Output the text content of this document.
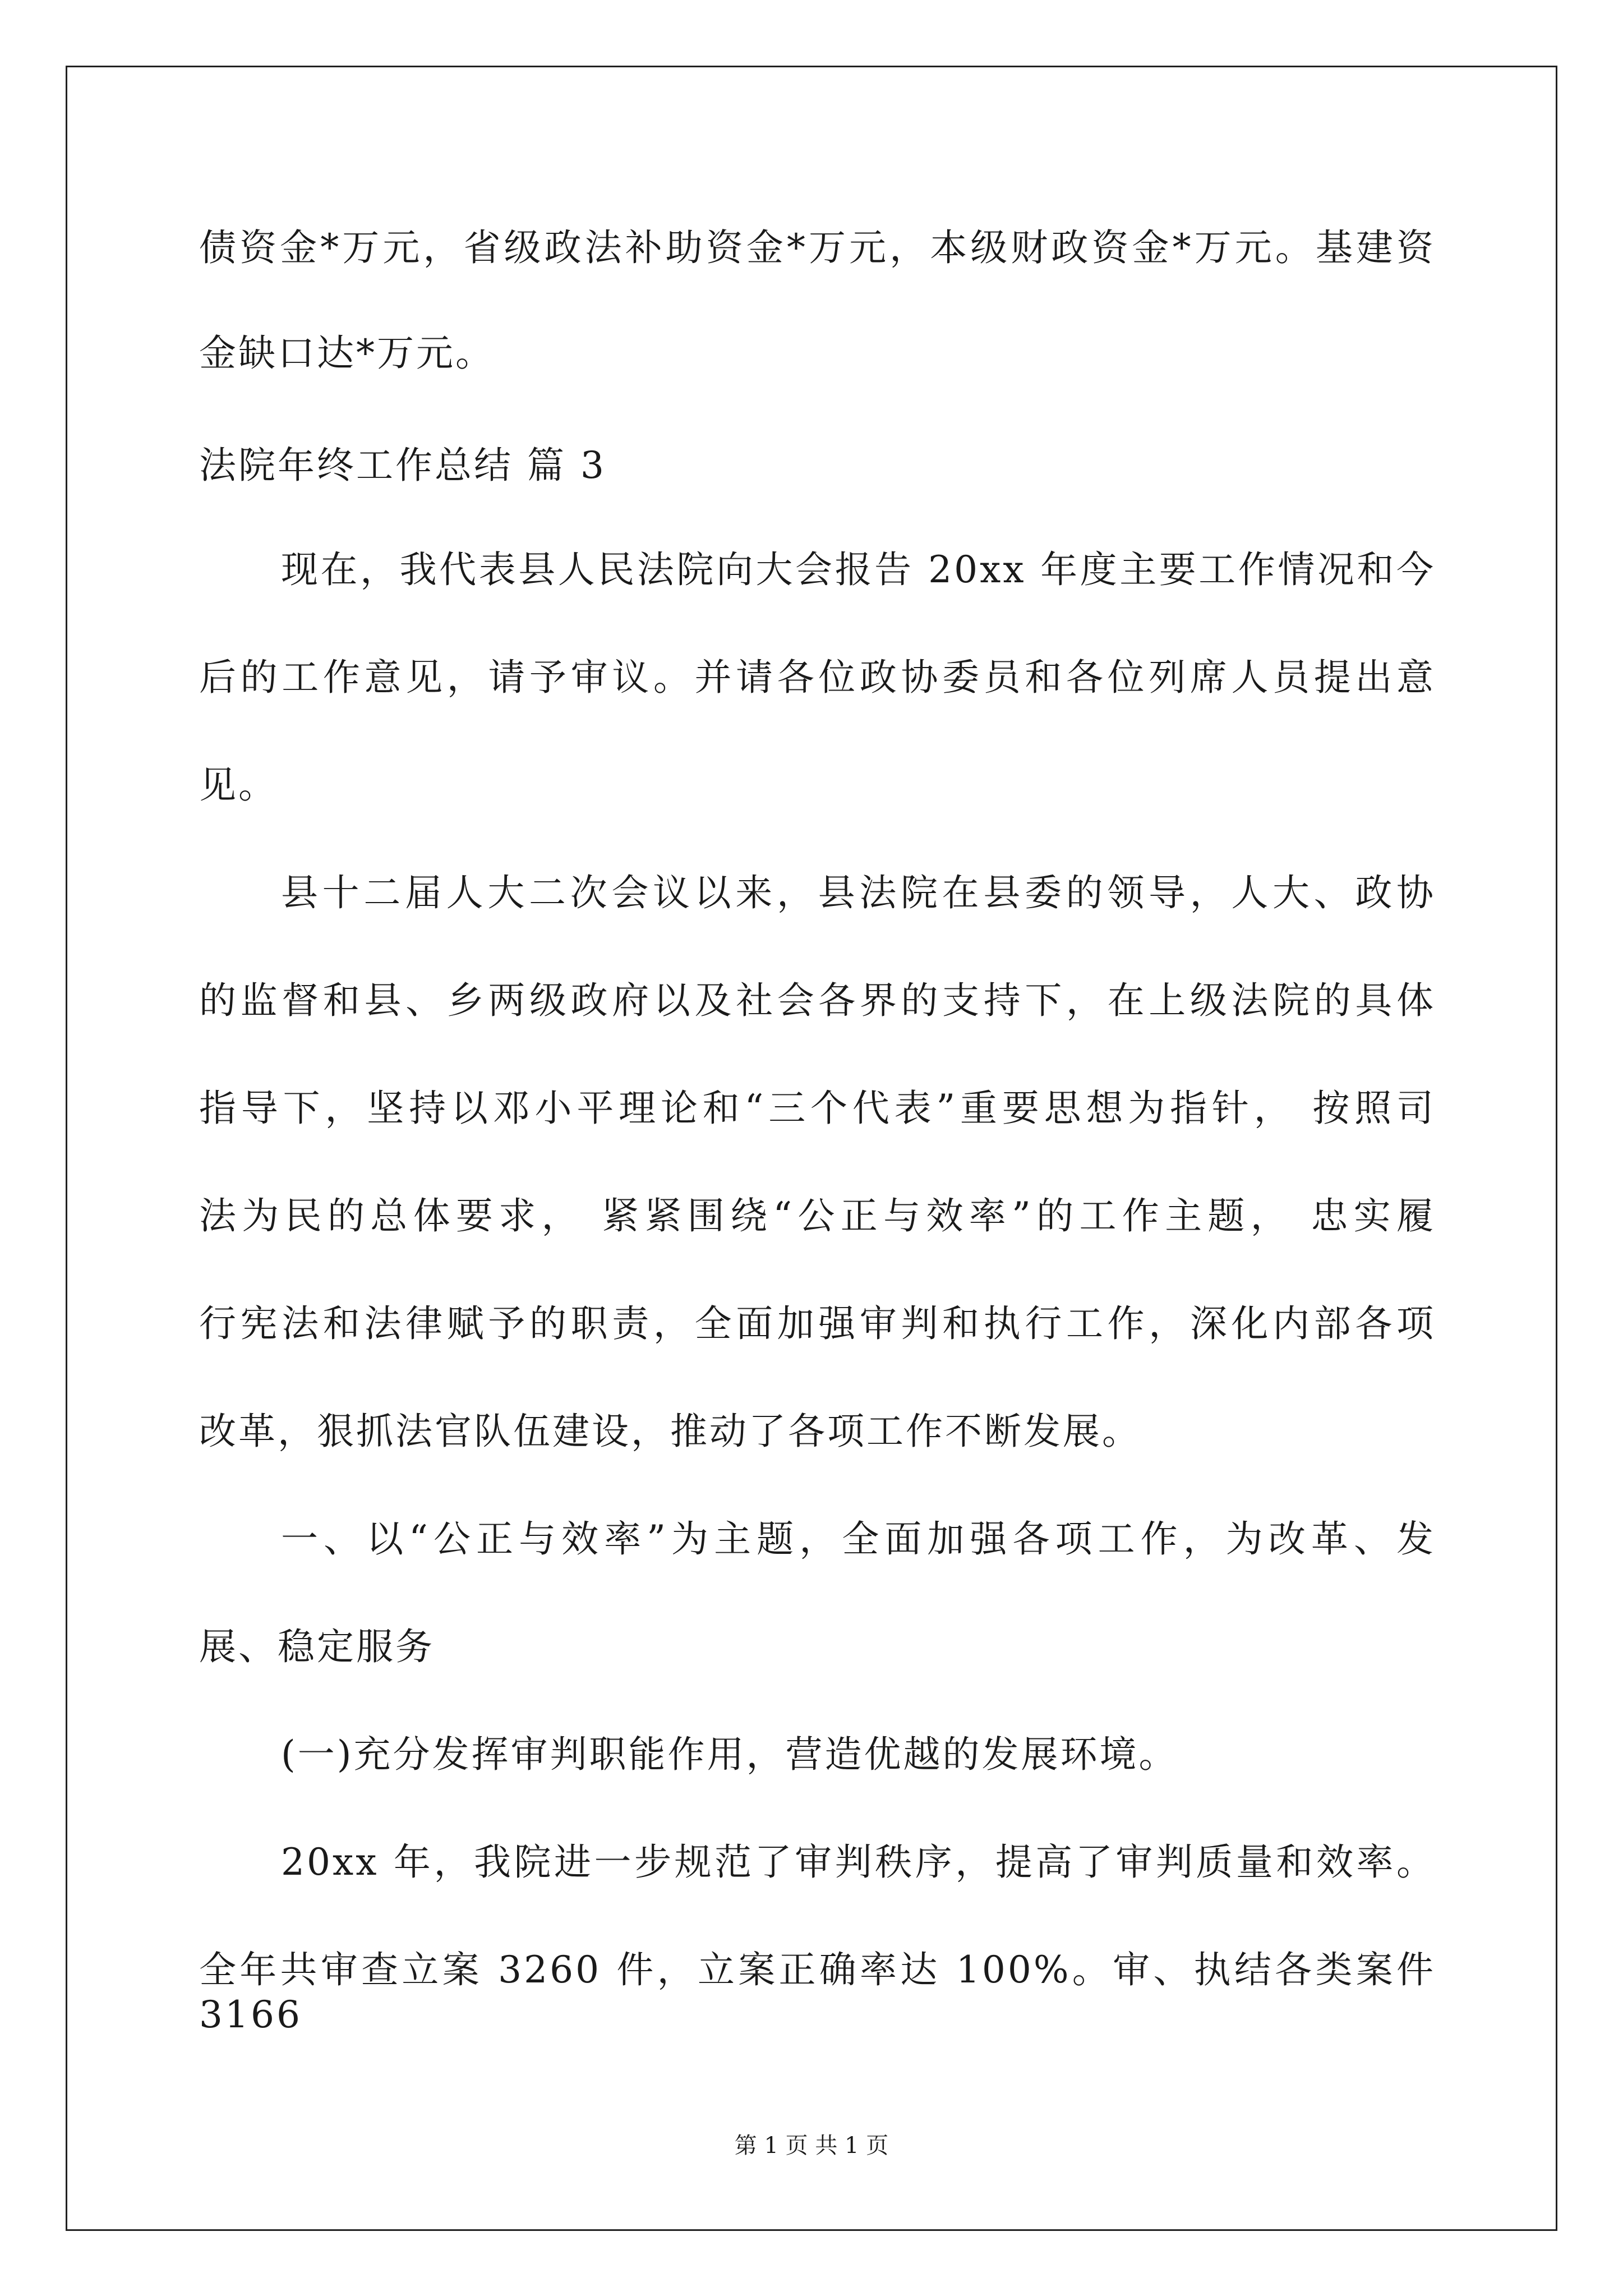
债资金*万元，省级政法补助资金*万元，本级财政资金*万元。基建资
金缺口达*万元。
法院年终工作总结 篇 3
现在，我代表县人民法院向大会报告 20xx 年度主要工作情况和今
后的工作意见，请予审议。并请各位政协委员和各位列席人员提出意
见。
县十二届人大二次会议以来，县法院在县委的领导，人大、政协
的监督和县、乡两级政府以及社会各界的支持下，在上级法院的具体
指导下，坚持以邓小平理论和“三个代表”重要思想为指针， 按照司
法为民的总体要求， 紧紧围绕“公正与效率”的工作主题， 忠实履
行宪法和法律赋予的职责，全面加强审判和执行工作，深化内部各项
改革，狠抓法官队伍建设，推动了各项工作不断发展。
一、以“公正与效率”为主题，全面加强各项工作，为改革、发
展、稳定服务
(一)充分发挥审判职能作用，营造优越的发展环境。
20xx 年，我院进一步规范了审判秩序，提高了审判质量和效率。
全年共审查立案 3260 件，立案正确率达 100%。审、执结各类案件 3166
第 1 页 共 1 页
